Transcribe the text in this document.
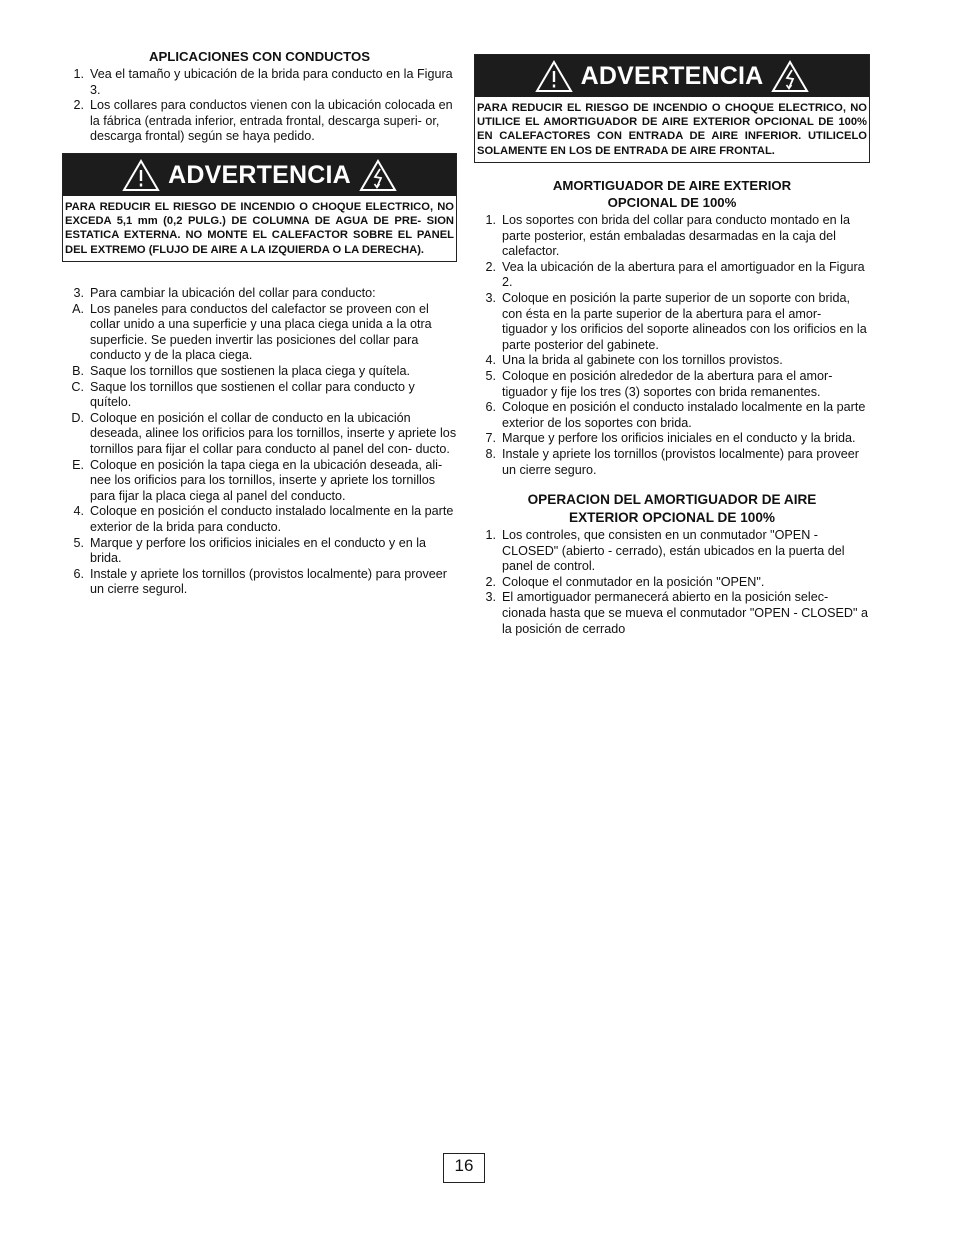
APLICACIONES CON CONDUCTOS
1. Vea el tamaño y ubicación de la brida para conducto en la Figura 3.
2. Los collares para conductos vienen con la ubicación colocada en la fábrica (entrada inferior, entrada frontal, descarga superi- or, descarga frontal) según se haya pedido.
ADVERTENCIA
PARA REDUCIR EL RIESGO DE INCENDIO O CHOQUE ELECTRICO, NO EXCEDA 5,1 mm (0,2 PULG.) DE COLUMNA DE AGUA DE PRE- SION ESTATICA EXTERNA. NO MONTE EL CALEFACTOR SOBRE EL PANEL DEL EXTREMO (FLUJO DE AIRE A LA IZQUIERDA O LA DERECHA).
3. Para cambiar la ubicación del collar para conducto:
A. Los paneles para conductos del calefactor se proveen con el collar unido a una superficie y una placa ciega unida a la otra superficie. Se pueden invertir las posiciones del collar para conducto y de la placa ciega.
B. Saque los tornillos que sostienen la placa ciega y quítela.
C. Saque los tornillos que sostienen el collar para conducto y quítelo.
D. Coloque en posición el collar de conducto en la ubicación deseada, alinee los orificios para los tornillos, inserte y apriete los tornillos para fijar el collar para conducto al panel del con- ducto.
E. Coloque en posición la tapa ciega en la ubicación deseada, ali- nee los orificios para los tornillos, inserte y apriete los tornillos para fijar la placa ciega al panel del conducto.
4. Coloque en posición el conducto instalado localmente en la parte exterior de la brida para conducto.
5. Marque y perfore los orificios iniciales en el conducto y en la brida.
6. Instale y apriete los tornillos (provistos localmente) para proveer un cierre segurol.
ADVERTENCIA
PARA REDUCIR EL RIESGO DE INCENDIO O CHOQUE ELECTRICO, NO UTILICE EL AMORTIGUADOR DE AIRE EXTERIOR OPCIONAL DE 100% EN CALEFACTORES CON ENTRADA DE AIRE INFERIOR. UTILICELO SOLAMENTE EN LOS DE ENTRADA DE AIRE FRONTAL.
AMORTIGUADOR DE AIRE EXTERIOR
OPCIONAL DE 100%
1. Los soportes con brida del collar para conducto montado en la parte posterior, están embaladas desarmadas en la caja del calefactor.
2. Vea la ubicación de la abertura para el amortiguador en la Figura 2.
3. Coloque en posición la parte superior de un soporte con brida, con ésta en la parte superior de la abertura para el amor- tiguador y los orificios del soporte alineados con los orificios en la parte posterior del gabinete.
4. Una la brida al gabinete con los tornillos provistos.
5. Coloque en posición alrededor de la abertura para el amor- tiguador y fije los tres (3) soportes con brida remanentes.
6. Coloque en posición el conducto instalado localmente en la parte exterior de los soportes con brida.
7. Marque y perfore los orificios iniciales en el conducto y la brida.
8. Instale y apriete los tornillos (provistos localmente) para proveer un cierre seguro.
OPERACION DEL AMORTIGUADOR DE AIRE
EXTERIOR OPCIONAL DE 100%
1. Los controles, que consisten en un conmutador "OPEN - CLOSED" (abierto - cerrado), están ubicados en la puerta del panel de control.
2. Coloque el conmutador en la posición "OPEN".
3. El amortiguador permanecerá abierto en la posición selec- cionada hasta que se mueva el conmutador "OPEN - CLOSED" a la posición de cerrado
16
